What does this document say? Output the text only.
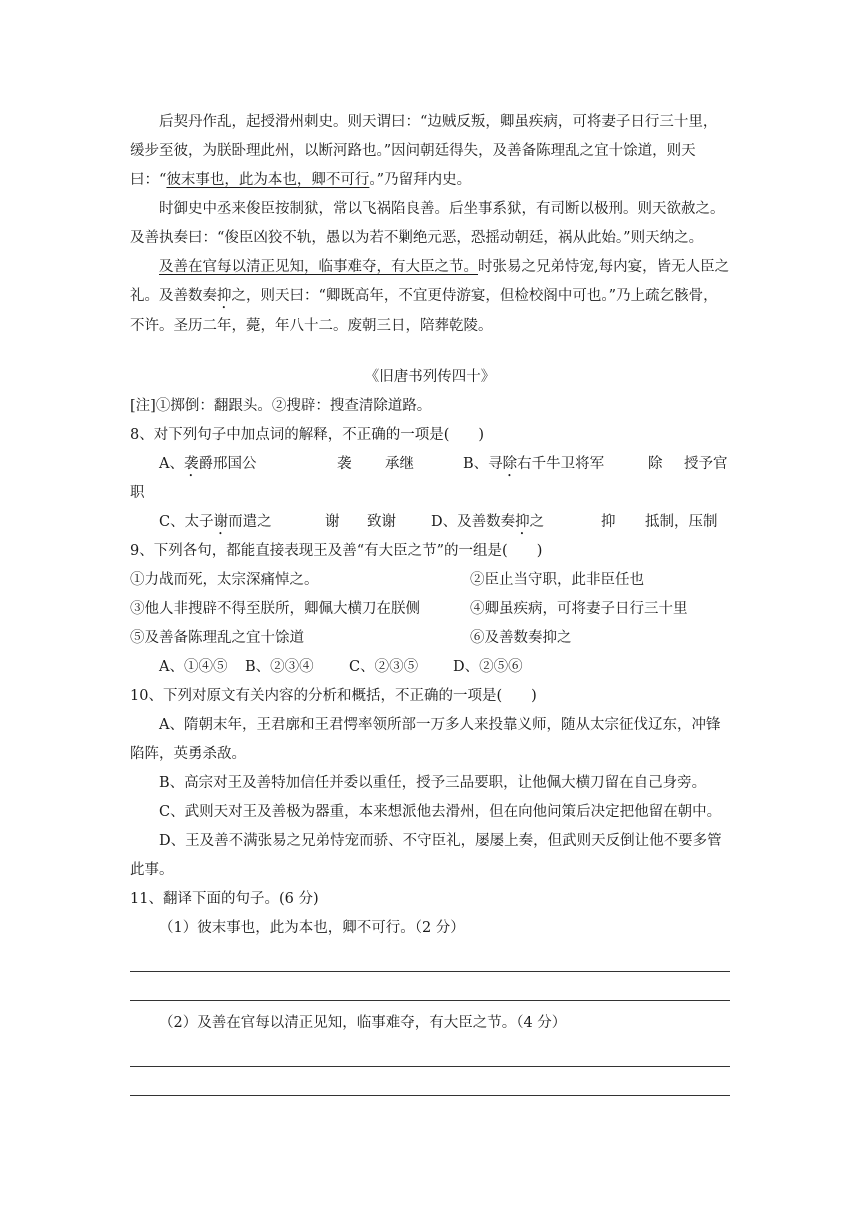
后契丹作乱，起授滑州刺史。则天谓曰：“边贼反叛，卿虽疾病，可将妻子日行三十里，缓步至彼，为朕卧理此州，以断河路也。”因问朝廷得失，及善备陈理乱之宜十馀道，则天曰：“彼末事也，此为本也，卿不可行。”乃留拜内史。

时御史中丞来俊臣按制狱，常以飞祸陷良善。后坐事系狱，有司断以极刑。则天欲赦之。及善执奏曰：“俊臣凶狡不轨，愚以为若不剿绝元恶，恐摇动朝廷，祸从此始。”则天纳之。

及善在官每以清正见知，临事难夺，有大臣之节。时张易之兄弟恃宠,每内宴，皆无人臣之礼。及善数奏抑之，则天曰：“卿既高年，不宜更侍游宴，但检校阁中可也。”乃上疏乞骸骨，不许。圣历二年，薨，年八十二。废朝三日，陪葬乾陵。

《旧唐书列传四十》

[注]①掷倒：翻跟头。②搜辟：搜查清除道路。

8、对下列句子中加点词的解释，不正确的一项是(　　)

A、袭爵邢国公	袭	承继	B、寻除右千牛卫将军	除	授予官

职

C、太子谢而遣之	谢	致谢	D、及善数奏抑之	抑	抵制，压制

9、下列各句，都能直接表现王及善“有大臣之节”的一组是(　　)

①力战而死，太宗深痛悼之。	②臣止当守职，此非臣任也
③他人非搜辟不得至朕所，卿佩大横刀在朕侧	④卿虽疾病，可将妻子日行三十里
⑤及善备陈理乱之宜十馀道	⑥及善数奏抑之
A、①④⑤	B、②③④	C、②③⑤	D、②⑤⑥

10、下列对原文有关内容的分析和概括，不正确的一项是(　　)

A、隋朝末年，王君廓和王君愕率领所部一万多人来投靠义师，随从太宗征伐辽东，冲锋陷阵，英勇杀敌。

B、高宗对王及善特加信任并委以重任，授予三品要职，让他佩大横刀留在自己身旁。

C、武则天对王及善极为器重，本来想派他去滑州，但在向他问策后决定把他留在朝中。

D、王及善不满张易之兄弟恃宠而骄、不守臣礼，屡屡上奏，但武则天反倒让他不要多管此事。

11、翻译下面的句子。(6 分)

（1）彼末事也，此为本也，卿不可行。（2 分）

（2）及善在官每以清正见知，临事难夺，有大臣之节。（4 分）
